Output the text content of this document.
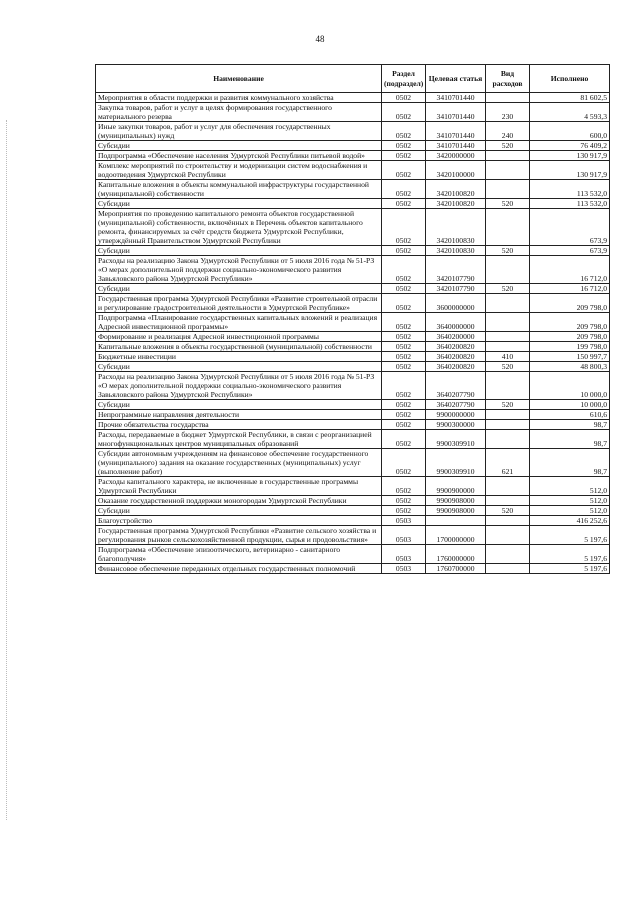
48
Наименование	Раздел (подраздел)	Целевая статья	Вид расходов	Исполнено
Мероприятия в области поддержки и развития коммунального хозяйства	0502	3410701440		81 602,5
Закупка товаров, работ и услуг в целях формирования государственного материального резерва	0502	3410701440	230	4 593,3
Иные закупки товаров, работ и услуг для обеспечения государственных (муниципальных) нужд	0502	3410701440	240	600,0
Субсидии	0502	3410701440	520	76 409,2
Подпрограмма «Обеспечение населения Удмуртской Республики питьевой водой»	0502	3420000000		130 917,9
Комплекс мероприятий по строительству и модернизации систем водоснабжения и водоотведения Удмуртской Республики	0502	3420100000		130 917,9
Капитальные вложения в объекты коммунальной инфраструктуры государственной (муниципальной) собственности	0502	3420100820		113 532,0
Субсидии	0502	3420100820	520	113 532,0
Мероприятия по проведению капитального ремонта объектов государственной (муниципальной) собственности, включённых в Перечень объектов капитального ремонта, финансируемых за счёт средств бюджета Удмуртской Республики, утверждённый Правительством Удмуртской Республики	0502	3420100830		673,9
Субсидии	0502	3420100830	520	673,9
Расходы на реализацию Закона Удмуртской Республики от 5 июля 2016 года № 51-РЗ «О мерах дополнительной поддержки социально-экономического развития Завьяловского района Удмуртской Республики»	0502	3420107790		16 712,0
Субсидии	0502	3420107790	520	16 712,0
Государственная программа Удмуртской Республики «Развитие строительной отрасли и регулирование градостроительной деятельности в Удмуртской Республике»	0502	3600000000		209 798,0
Подпрограмма «Планирование государственных капитальных вложений и реализация Адресной инвестиционной программы»	0502	3640000000		209 798,0
Формирование и реализация Адресной инвестиционной программы	0502	3640200000		209 798,0
Капитальные вложения в объекты государственной (муниципальной) собственности	0502	3640200820		199 798,0
Бюджетные инвестиции	0502	3640200820	410	150 997,7
Субсидии	0502	3640200820	520	48 800,3
Расходы на реализацию Закона Удмуртской Республики от 5 июля 2016 года № 51-РЗ «О мерах дополнительной поддержки социально-экономического развития Завьяловского района Удмуртской Республики»	0502	3640207790		10 000,0
Субсидии	0502	3640207790	520	10 000,0
Непрограммные направления деятельности	0502	9900000000		610,6
Прочие обязательства государства	0502	9900300000		98,7
Расходы, передаваемые в бюджет Удмуртской Республики, в связи с реорганизацией многофункциональных центров муниципальных образований	0502	9900309910		98,7
Субсидии автономным учреждениям на финансовое обеспечение государственного (муниципального) задания на оказание государственных (муниципальных) услуг (выполнение работ)	0502	9900309910	621	98,7
Расходы капитального характера, не включенные в государственные программы Удмуртской Республики	0502	9900900000		512,0
Оказание государственной поддержки моногородам Удмуртской Республики	0502	9900908000		512,0
Субсидии	0502	9900908000	520	512,0
Благоустройство	0503			416 252,6
Государственная программа Удмуртской Республики «Развитие сельского хозяйства и регулирования рынков сельскохозяйственной продукции, сырья и продовольствия»	0503	1700000000		5 197,6
Подпрограмма «Обеспечение эпизоотического, ветеринарно - санитарного благополучия»	0503	1760000000		5 197,6
Финансовое обеспечение переданных отдельных государственных полномочий	0503	1760700000		5 197,6
